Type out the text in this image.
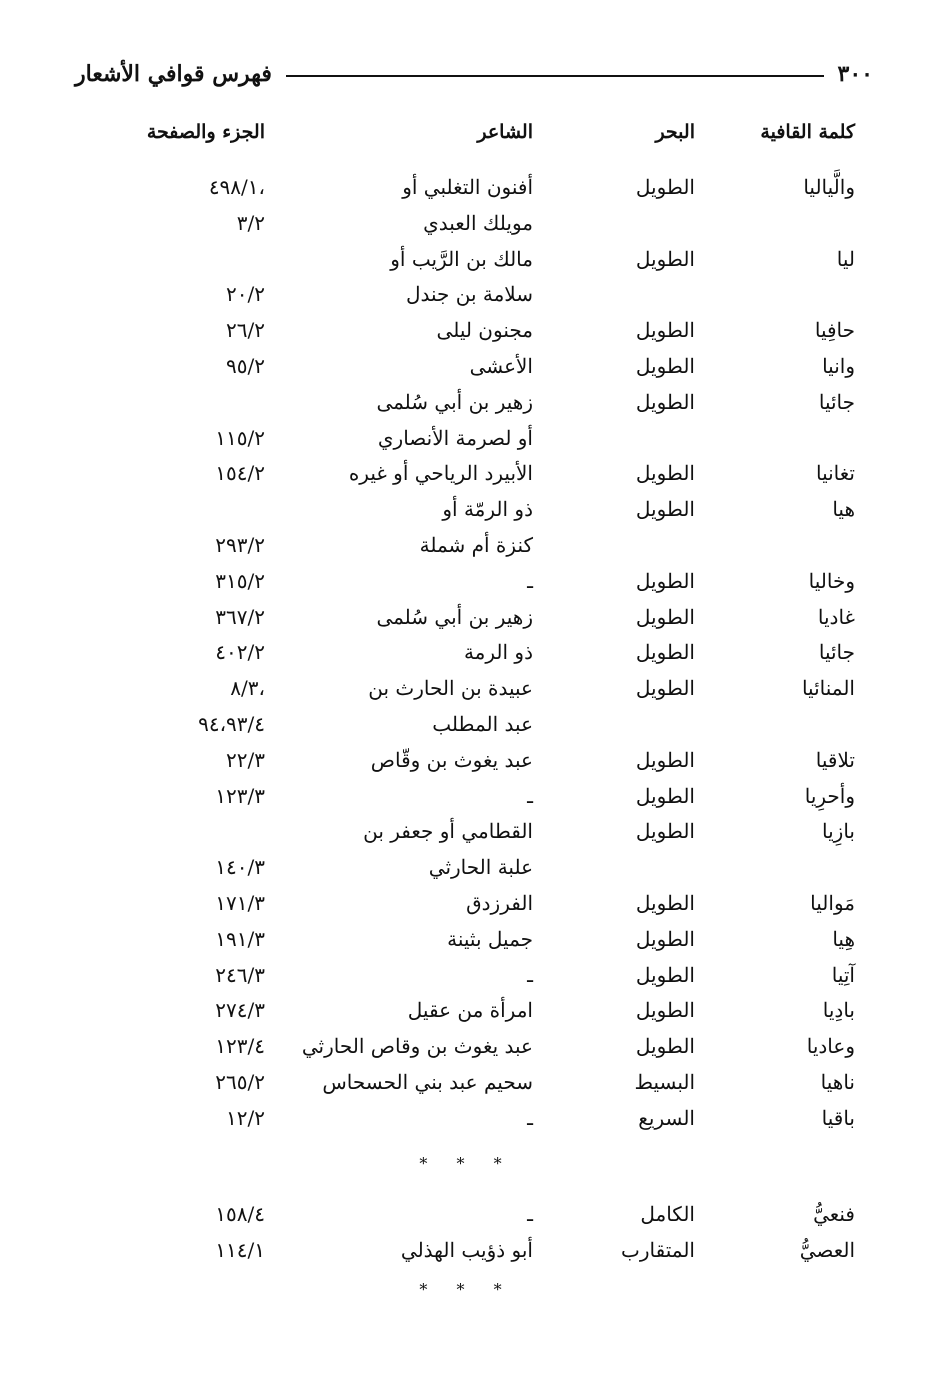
٣٠٠
فهرس قوافي الأشعار
كلمة القافية
البحر
الشاعر
الجزء والصفحة
والَّياليا
الطويل
أفنون التغلبي أو
٤٩٨/١،
مويلك العبدي
٣/٢
ليا
الطويل
مالك بن الرَّيب أو
سلامة بن جندل
٢٠/٢
حافِيا
الطويل
مجنون ليلى
٢٦/٢
وانيا
الطويل
الأعشى
٩٥/٢
جائيا
الطويل
زهير بن أبي سُلمى
أو لصرمة الأنصاري
١١٥/٢
تغانيا
الطويل
الأبيرد الرياحي أو غيره
١٥٤/٢
هيا
الطويل
ذو الرمّة أو
كنزة أم شملة
٢٩٣/٢
وخاليا
الطويل
ـ
٣١٥/٢
غاديا
الطويل
زهير بن أبي سُلمى
٣٦٧/٢
جائيا
الطويل
ذو الرمة
٤٠٢/٢
المنائيا
الطويل
عبيدة بن الحارث بن
٨/٣،
عبد المطلب
٩٤،٩٣/٤
تلاقيا
الطويل
عبد يغوث بن وقّاص
٢٢/٣
وأحرِيا
الطويل
ـ
١٢٣/٣
بازِيا
الطويل
القطامي أو جعفر بن
علبة الحارثي
١٤٠/٣
مَواليا
الطويل
الفرزدق
١٧١/٣
هِيا
الطويل
جميل بثينة
١٩١/٣
آتِيا
الطويل
ـ
٢٤٦/٣
بادِيا
الطويل
امرأة من عقيل
٢٧٤/٣
وعاديا
الطويل
عبد يغوث بن وقاص الحارثي
١٢٣/٤
ناهيا
البسيط
سحيم عبد بني الحسحاس
٢٦٥/٢
باقيا
السريع
ـ
١٢/٢
* * *
فنعيُّ
الكامل
ـ
١٥٨/٤
العصيُّ
المتقارب
أبو ذؤيب الهذلي
١١٤/١
* * *
